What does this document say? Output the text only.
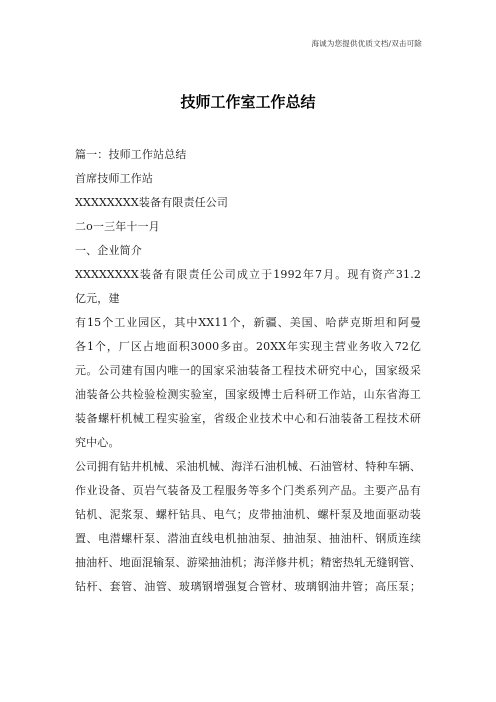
海诚为您提供优质文档/双击可除
技师工作室工作总结
篇一：技师工作站总结
首席技师工作站
XXXXXXXX装备有限责任公司
二o一三年十一月
一、企业简介
XXXXXXXX装备有限责任公司成立于1992年7月。现有资产31.2
亿元，建
有15个工业园区，其中XX11个，新疆、美国、哈萨克斯坦和阿曼
各1个，厂区占地面积3000多亩。20XX年实现主营业务收入72亿
元。公司建有国内唯一的国家采油装备工程技术研究中心，国家级采
油装备公共检验检测实验室，国家级博士后科研工作站，山东省海工
装备螺杆机械工程实验室，省级企业技术中心和石油装备工程技术研
究中心。
公司拥有钻井机械、采油机械、海洋石油机械、石油管材、特种车辆、
作业设备、页岩气装备及工程服务等多个门类系列产品。主要产品有
钻机、泥浆泵、螺杆钻具、电气；皮带抽油机、螺杆泵及地面驱动装
置、电潜螺杆泵、潜油直线电机抽油泵、抽油泵、抽油杆、钢质连续
抽油杆、地面混输泵、游梁抽油机；海洋修井机；精密热轧无缝钢管、
钻杆、套管、油管、玻璃钢增强复合管材、玻璃钢油井管；高压泵；
